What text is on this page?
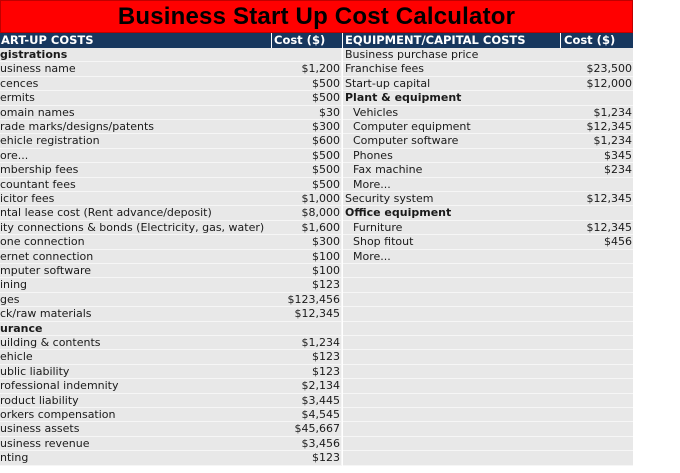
Business Start Up Cost Calculator
ART-UP COSTS	Cost ($)	EQUIPMENT/CAPITAL COSTS	Cost ($)
gistrations	Business purchase price
usiness name	$1,200 Franchise fees	$23,500
cences	$500 Start-up capital	$12,000
ermits	$500 Plant & equipment
omain names	$30	Vehicles	$1,234
rade marks/designs/patents	$300	Computer equipment	$12,345
ehicle registration	$600	Computer software	$1,234
ore...	$500	Phones	$345
mbership fees	$500	Fax machine	$234
countant fees	$500	More...
icitor fees	$1,000 Security system	$12,345
ntal lease cost (Rent advance/deposit)	$8,000 Office equipment
ity connections & bonds (Electricity, gas, water)	$1,600	Furniture	$12,345
one connection	$300	Shop fitout	$456
ernet connection	$100	More...
mputer software	$100
ining	$123
ges	$123,456
ck/raw materials	$12,345
urance
uilding & contents	$1,234
ehicle	$123
ublic liability	$123
rofessional indemnity	$2,134
roduct liability	$3,445
orkers compensation	$4,545
usiness assets	$45,667
usiness revenue	$3,456
nting	$123
